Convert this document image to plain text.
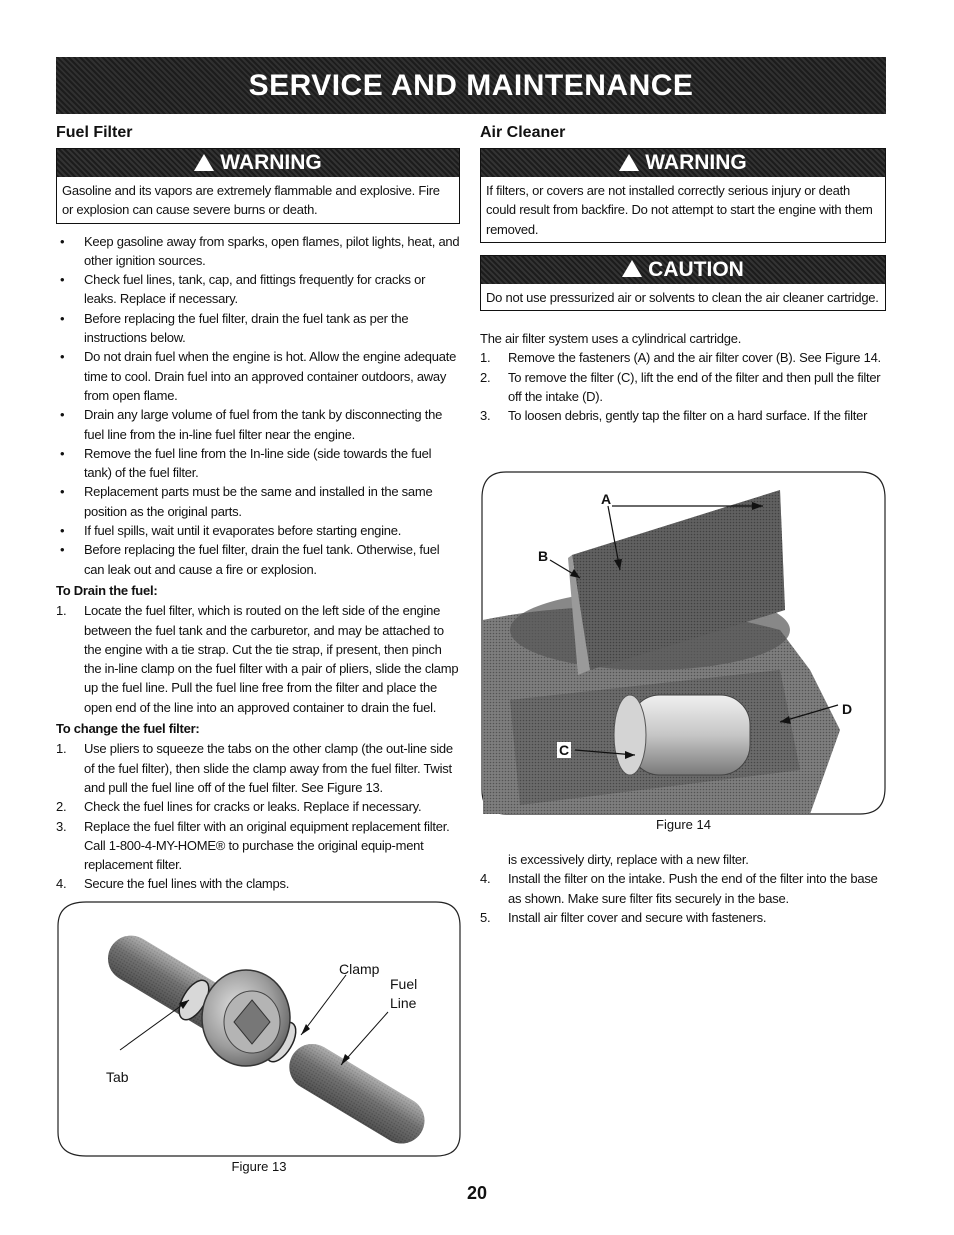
SERVICE AND MAINTENANCE
Fuel Filter
WARNING
Gasoline and its vapors are extremely flammable and explosive. Fire or explosion can cause severe burns or death.
• Keep gasoline away from sparks, open flames, pilot lights, heat, and other ignition sources.
• Check fuel lines, tank, cap, and fittings frequently for cracks or leaks. Replace if necessary.
• Before replacing the fuel filter, drain the fuel tank as per the instructions below.
• Do not drain fuel when the engine is hot. Allow the engine adequate time to cool. Drain fuel into an approved container outdoors, away from open flame.
• Drain any large volume of fuel from the tank by disconnecting the fuel line from the in-line fuel filter near the engine.
• Remove the fuel line from the In-line side (side towards the fuel tank) of the fuel filter.
• Replacement parts must be the same and installed in the same position as the original parts.
• If fuel spills, wait until it evaporates before starting engine.
• Before replacing the fuel filter, drain the fuel tank. Otherwise, fuel can leak out and cause a fire or explosion.
To Drain the fuel:
1. Locate the fuel filter, which is routed on the left side of the engine between the fuel tank and the carburetor, and may be attached to the engine with a tie strap. Cut the tie strap, if present, then pinch the in-line clamp on the fuel filter with a pair of pliers, slide the clamp up the fuel line. Pull the fuel line free from the filter and place the open end of the line into an approved container to drain the fuel.
To change the fuel filter:
1. Use pliers to squeeze the tabs on the other clamp (the out-line side of the fuel filter), then slide the clamp away from the fuel filter. Twist and pull the fuel line off of the fuel filter. See Figure 13.
2. Check the fuel lines for cracks or leaks. Replace if necessary.
3. Replace the fuel filter with an original equipment replacement filter. Call 1-800-4-MY-HOME® to purchase the original equip-ment replacement filter.
4. Secure the fuel lines with the clamps.
Clamp
Fuel
Line
Tab
Figure 13
Air Cleaner
WARNING
If filters, or covers are not installed correctly serious injury or death could result from backfire. Do not attempt to start the engine with them removed.
CAUTION
Do not use pressurized air or solvents to clean the air cleaner cartridge.
The air filter system uses a cylindrical cartridge.
1. Remove the fasteners (A) and the air filter cover (B). See Figure 14.
2. To remove the filter (C), lift the end of the filter and then pull the filter off the intake (D).
3. To loosen debris, gently tap the filter on a hard surface. If the filter
A
B
C
D
Figure 14
is excessively dirty, replace with a new filter.
4. Install the filter on the intake. Push the end of the filter into the base as shown. Make sure filter fits securely in the base.
5. Install air filter cover and secure with fasteners.
20
